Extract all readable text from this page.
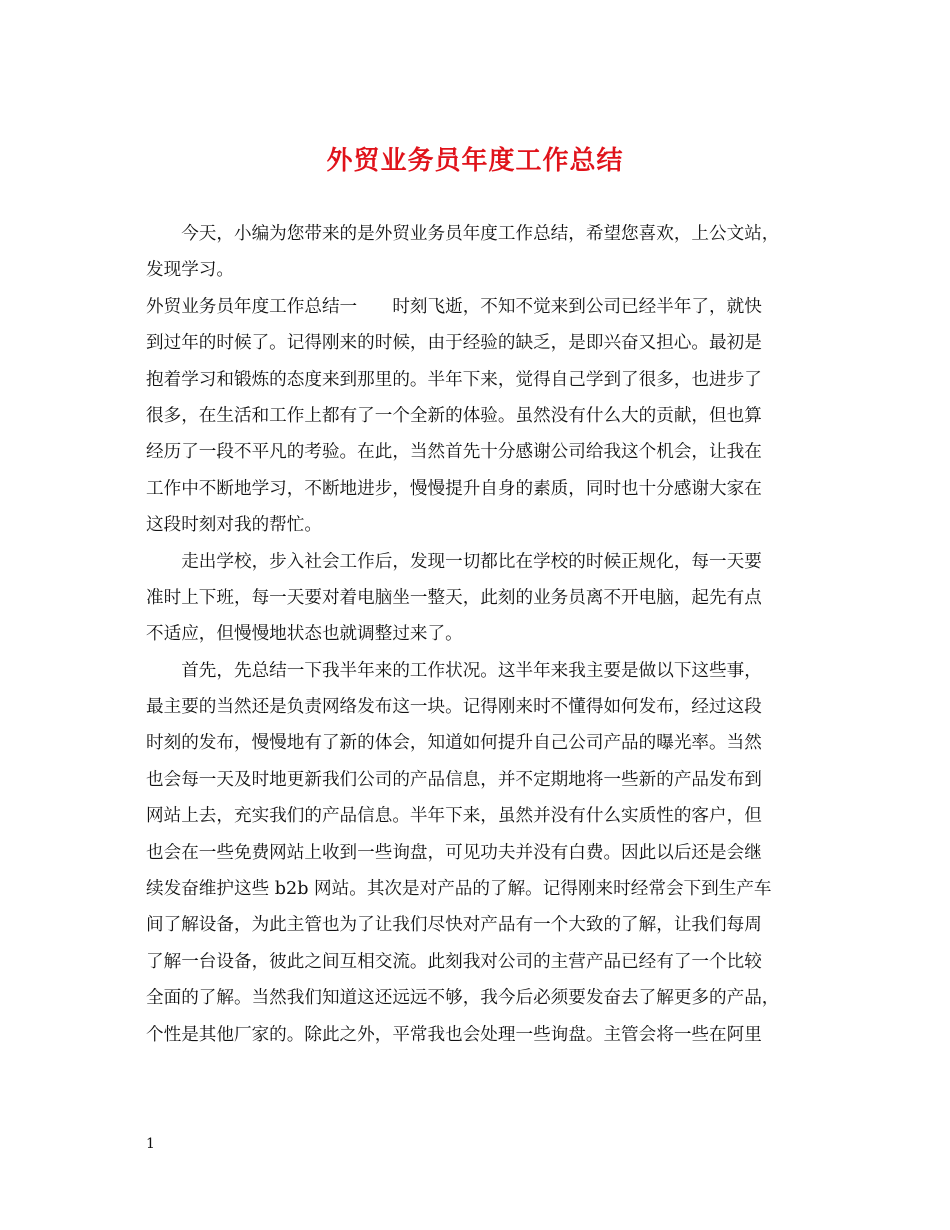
外贸业务员年度工作总结
　　今天，小编为您带来的是外贸业务员年度工作总结，希望您喜欢，上公文站，
发现学习。
外贸业务员年度工作总结一　　时刻飞逝，不知不觉来到公司已经半年了，就快
到过年的时候了。记得刚来的时候，由于经验的缺乏，是即兴奋又担心。最初是
抱着学习和锻炼的态度来到那里的。半年下来，觉得自己学到了很多，也进步了
很多，在生活和工作上都有了一个全新的体验。虽然没有什么大的贡献，但也算
经历了一段不平凡的考验。在此，当然首先十分感谢公司给我这个机会，让我在
工作中不断地学习，不断地进步，慢慢提升自身的素质，同时也十分感谢大家在
这段时刻对我的帮忙。
　　走出学校，步入社会工作后，发现一切都比在学校的时候正规化，每一天要
准时上下班，每一天要对着电脑坐一整天，此刻的业务员离不开电脑，起先有点
不适应，但慢慢地状态也就调整过来了。
　　首先，先总结一下我半年来的工作状况。这半年来我主要是做以下这些事，
最主要的当然还是负责网络发布这一块。记得刚来时不懂得如何发布，经过这段
时刻的发布，慢慢地有了新的体会，知道如何提升自己公司产品的曝光率。当然
也会每一天及时地更新我们公司的产品信息，并不定期地将一些新的产品发布到
网站上去，充实我们的产品信息。半年下来，虽然并没有什么实质性的客户，但
也会在一些免费网站上收到一些询盘，可见功夫并没有白费。因此以后还是会继
续发奋维护这些 b2b 网站。其次是对产品的了解。记得刚来时经常会下到生产车
间了解设备，为此主管也为了让我们尽快对产品有一个大致的了解，让我们每周
了解一台设备，彼此之间互相交流。此刻我对公司的主营产品已经有了一个比较
全面的了解。当然我们知道这还远远不够，我今后必须要发奋去了解更多的产品，
个性是其他厂家的。除此之外，平常我也会处理一些询盘。主管会将一些在阿里
1
